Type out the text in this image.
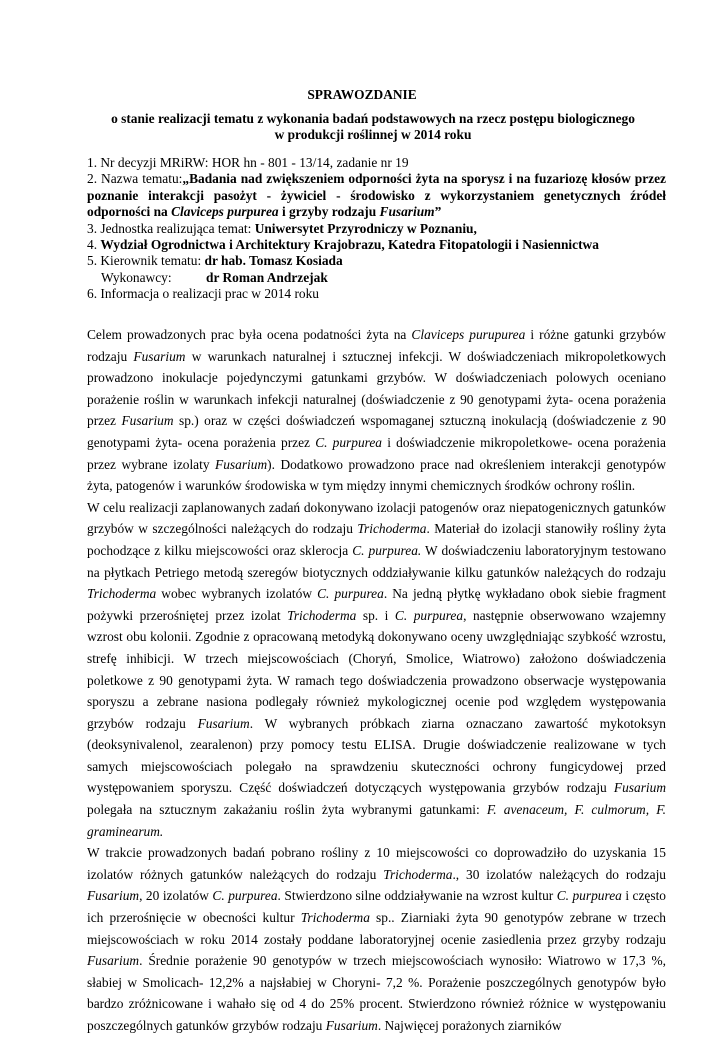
SPRAWOZDANIE
o stanie realizacji tematu z wykonania badań podstawowych na rzecz postępu biologicznego
w produkcji roślinnej w 2014 roku

1. Nr decyzji MRiRW: HOR hn - 801 - 13/14, zadanie nr 19

2. Nazwa tematu:„Badania nad zwiększeniem odporności żyta na sporysz i na fuzariozę kłosów przez poznanie interakcji pasożyt - żywiciel - środowisko z wykorzystaniem genetycznych źródeł odporności na Claviceps purpurea i grzyby rodzaju Fusarium”

3. Jednostka realizująca temat: Uniwersytet Przyrodniczy w Poznaniu,

4. Wydział Ogrodnictwa i Architektury Krajobrazu, Katedra Fitopatologii i Nasiennictwa

5. Kierownik tematu: dr hab. Tomasz Kosiada

Wykonawcy:	dr Roman Andrzejak

6. Informacja o realizacji prac w 2014 roku

Celem prowadzonych prac była ocena podatności żyta na Claviceps purupurea i różne gatunki grzybów rodzaju Fusarium w warunkach naturalnej i sztucznej infekcji. W doświadczeniach mikropoletkowych prowadzono inokulacje pojedynczymi gatunkami grzybów. W doświadczeniach polowych oceniano porażenie roślin w warunkach infekcji naturalnej (doświadczenie z 90 genotypami żyta- ocena porażenia przez Fusarium sp.) oraz w części doświadczeń wspomaganej sztuczną inokulacją (doświadczenie z 90 genotypami żyta- ocena porażenia przez C. purpurea i doświadczenie mikropoletkowe- ocena porażenia przez wybrane izolaty Fusarium). Dodatkowo prowadzono prace nad określeniem interakcji genotypów żyta, patogenów i warunków środowiska w tym między innymi chemicznych środków ochrony roślin.

W celu realizacji zaplanowanych zadań dokonywano izolacji patogenów oraz niepatogenicznych gatunków grzybów w szczególności należących do rodzaju Trichoderma. Materiał do izolacji stanowiły rośliny żyta pochodzące z kilku miejscowości oraz sklerocja C. purpurea. W doświadczeniu laboratoryjnym testowano na płytkach Petriego metodą szeregów biotycznych oddziaływanie kilku gatunków należących do rodzaju Trichoderma wobec wybranych izolatów C. purpurea. Na jedną płytkę wykładano obok siebie fragment pożywki przerośniętej przez izolat Trichoderma sp. i C. purpurea, następnie obserwowano wzajemny wzrost obu kolonii. Zgodnie z opracowaną metodyką dokonywano oceny uwzględniając szybkość wzrostu, strefę inhibicji. W trzech miejscowościach (Choryń, Smolice, Wiatrowo) założono doświadczenia poletkowe z 90 genotypami żyta. W ramach tego doświadczenia prowadzono obserwacje występowania sporyszu a zebrane nasiona podlegały również mykologicznej ocenie pod względem występowania grzybów rodzaju Fusarium. W wybranych próbkach ziarna oznaczano zawartość mykotoksyn (deoksynivalenol, zearalenon) przy pomocy testu ELISA. Drugie doświadczenie realizowane w tych samych miejscowościach polegało na sprawdzeniu skuteczności ochrony fungicydowej przed występowaniem sporyszu. Część doświadczeń dotyczących występowania grzybów rodzaju Fusarium polegała na sztucznym zakażaniu roślin żyta wybranymi gatunkami: F. avenaceum, F. culmorum, F. graminearum.

W trakcie prowadzonych badań pobrano rośliny z 10 miejscowości co doprowadziło do uzyskania 15 izolatów różnych gatunków należących do rodzaju Trichoderma., 30 izolatów należących do rodzaju Fusarium, 20 izolatów C. purpurea. Stwierdzono silne oddziaływanie na wzrost kultur C. purpurea i często ich przerośnięcie w obecności kultur Trichoderma sp.. Ziarniaki żyta 90 genotypów zebrane w trzech miejscowościach w roku 2014 zostały poddane laboratoryjnej ocenie zasiedlenia przez grzyby rodzaju Fusarium. Średnie porażenie 90 genotypów w trzech miejscowościach wynosiło: Wiatrowo w 17,3 %, słabiej w Smolicach- 12,2% a najsłabiej w Choryni- 7,2 %. Porażenie poszczególnych genotypów było bardzo zróżnicowane i wahało się od 4 do 25% procent. Stwierdzono również różnice w występowaniu poszczególnych gatunków grzybów rodzaju Fusarium. Najwięcej porażonych ziarników
